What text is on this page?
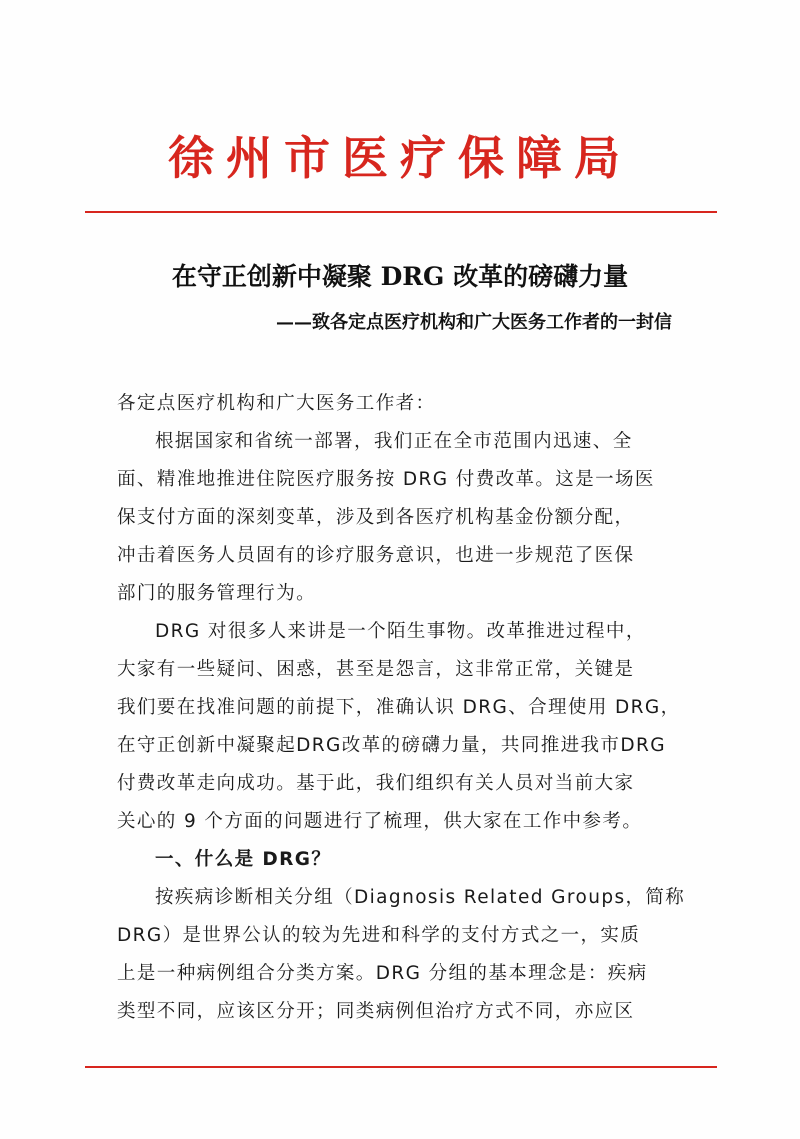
徐州市医疗保障局
在守正创新中凝聚 DRG 改革的磅礴力量
——致各定点医疗机构和广大医务工作者的一封信
各定点医疗机构和广大医务工作者：
根据国家和省统一部署，我们正在全市范围内迅速、全
面、精准地推进住院医疗服务按 DRG 付费改革。这是一场医
保支付方面的深刻变革，涉及到各医疗机构基金份额分配，
冲击着医务人员固有的诊疗服务意识，也进一步规范了医保
部门的服务管理行为。
DRG 对很多人来讲是一个陌生事物。改革推进过程中，
大家有一些疑问、困惑，甚至是怨言，这非常正常，关键是
我们要在找准问题的前提下，准确认识 DRG、合理使用 DRG，
在守正创新中凝聚起DRG改革的磅礴力量，共同推进我市DRG
付费改革走向成功。基于此，我们组织有关人员对当前大家
关心的 9 个方面的问题进行了梳理，供大家在工作中参考。
一、什么是 DRG？
按疾病诊断相关分组（Diagnosis Related Groups，简称
DRG）是世界公认的较为先进和科学的支付方式之一，实质
上是一种病例组合分类方案。DRG 分组的基本理念是：疾病
类型不同，应该区分开；同类病例但治疗方式不同，亦应区
